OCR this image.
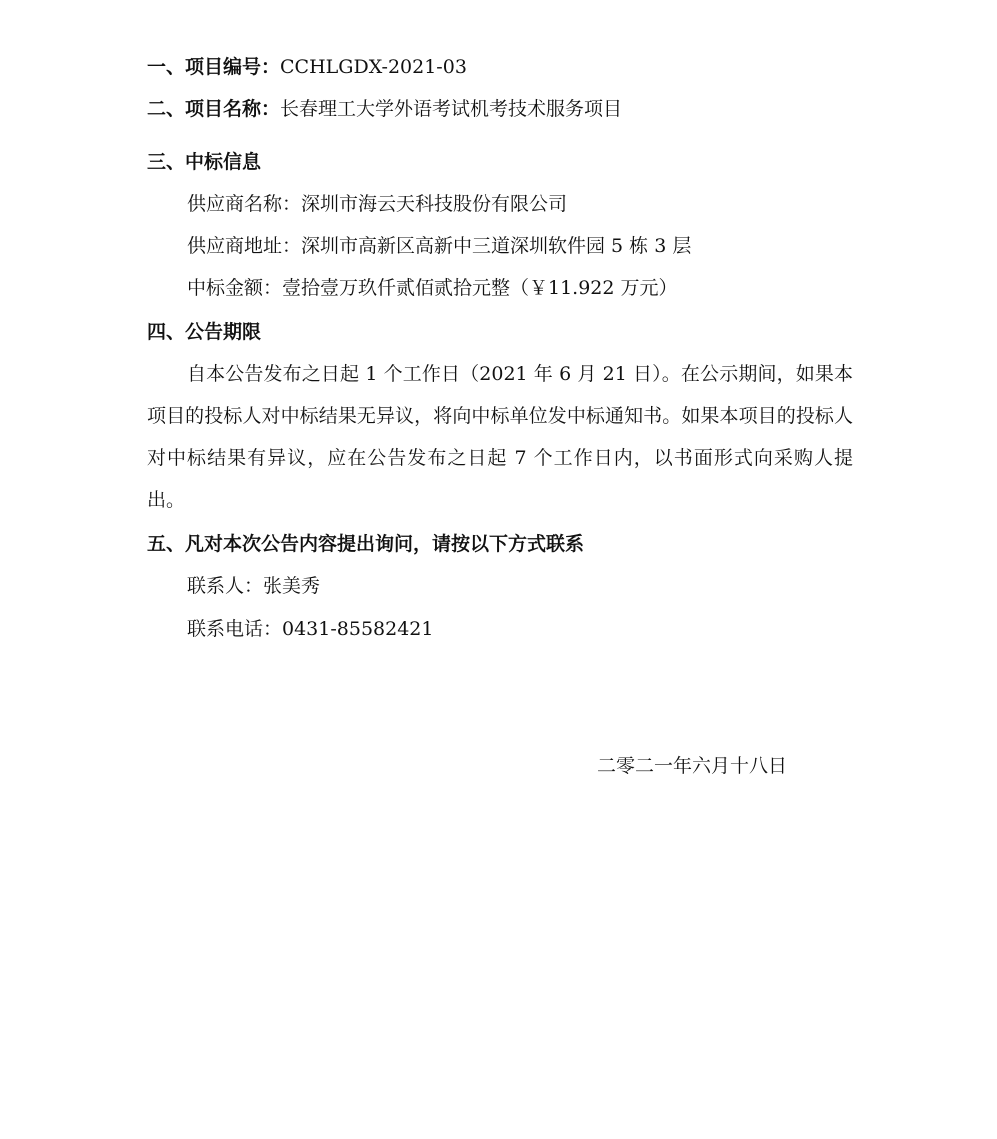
一、项目编号：CCHLGDX-2021-03
二、项目名称：长春理工大学外语考试机考技术服务项目
三、中标信息
供应商名称：深圳市海云天科技股份有限公司
供应商地址：深圳市高新区高新中三道深圳软件园 5 栋 3 层
中标金额：壹拾壹万玖仟贰佰贰拾元整（￥11.922 万元）
四、公告期限
自本公告发布之日起 1 个工作日（2021 年 6 月 21 日）。在公示期间，如果本项目的投标人对中标结果无异议，将向中标单位发中标通知书。如果本项目的投标人对中标结果有异议，应在公告发布之日起 7 个工作日内，以书面形式向采购人提出。
五、凡对本次公告内容提出询问，请按以下方式联系
联系人：张美秀
联系电话：0431-85582421
二零二一年六月十八日
